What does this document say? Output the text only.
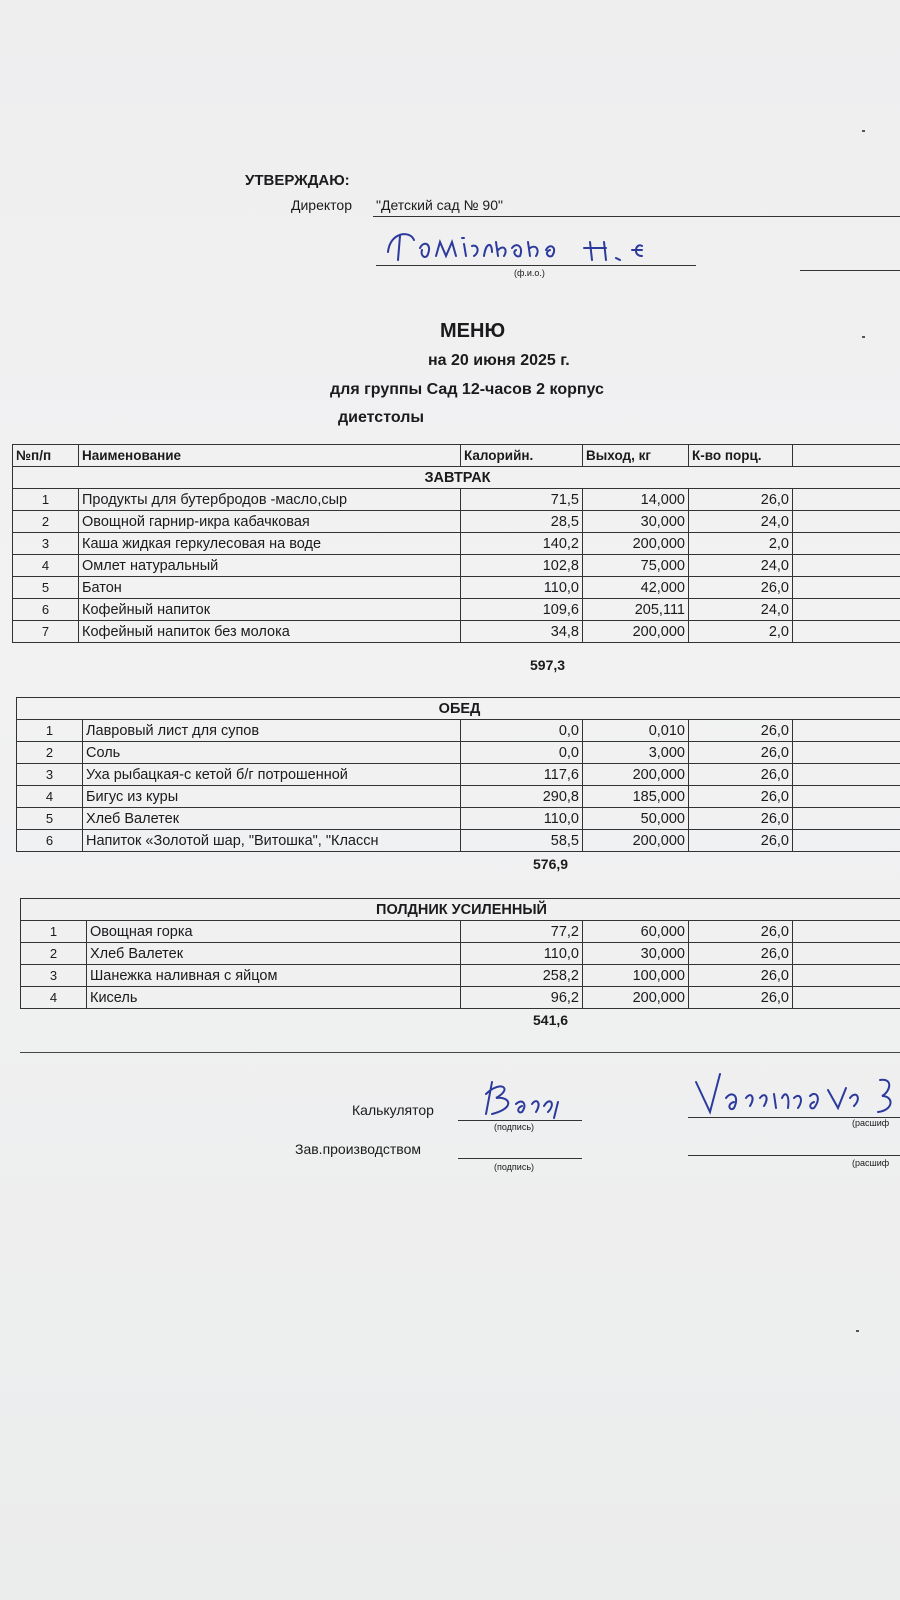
УТВЕРЖДАЮ:
Директор "Детский сад № 90"
(ф.и.о.)
МЕНЮ
на 20 июня 2025 г.
для группы Сад 12-часов 2 корпус
диетстолы
№п/п	Наименование	Калорийн.	Выход, кг	К-во порц.	
ЗАВТРАК					
1	Продукты для бутербродов -масло,сыр	71,5	14,000	26,0	
2	Овощной гарнир-икра кабачковая	28,5	30,000	24,0	
3	Каша жидкая геркулесовая на воде	140,2	200,000	2,0	
4	Омлет натуральный	102,8	75,000	24,0	
5	Батон	110,0	42,000	26,0	
6	Кофейный напиток	109,6	205,111	24,0	
7	Кофейный напиток без молока	34,8	200,000	2,0	
597,3
ОБЕД					
1	Лавровый лист для супов	0,0	0,010	26,0	
2	Соль	0,0	3,000	26,0	
3	Уха рыбацкая-с кетой б/г потрошенной	117,6	200,000	26,0	
4	Бигус из куры	290,8	185,000	26,0	
5	Хлеб Валетек	110,0	50,000	26,0	
6	Напиток «Золотой шар, "Витошка", "Классн	58,5	200,000	26,0	
576,9
ПОЛДНИК УСИЛЕННЫЙ					
1	Овощная горка	77,2	60,000	26,0	
2	Хлеб Валетек	110,0	30,000	26,0	
3	Шанежка наливная с яйцом	258,2	100,000	26,0	
4	Кисель	96,2	200,000	26,0	
541,6
Калькулятор
(подпись)	(расшиф
Зав.производством
(подпись)	(расшиф
